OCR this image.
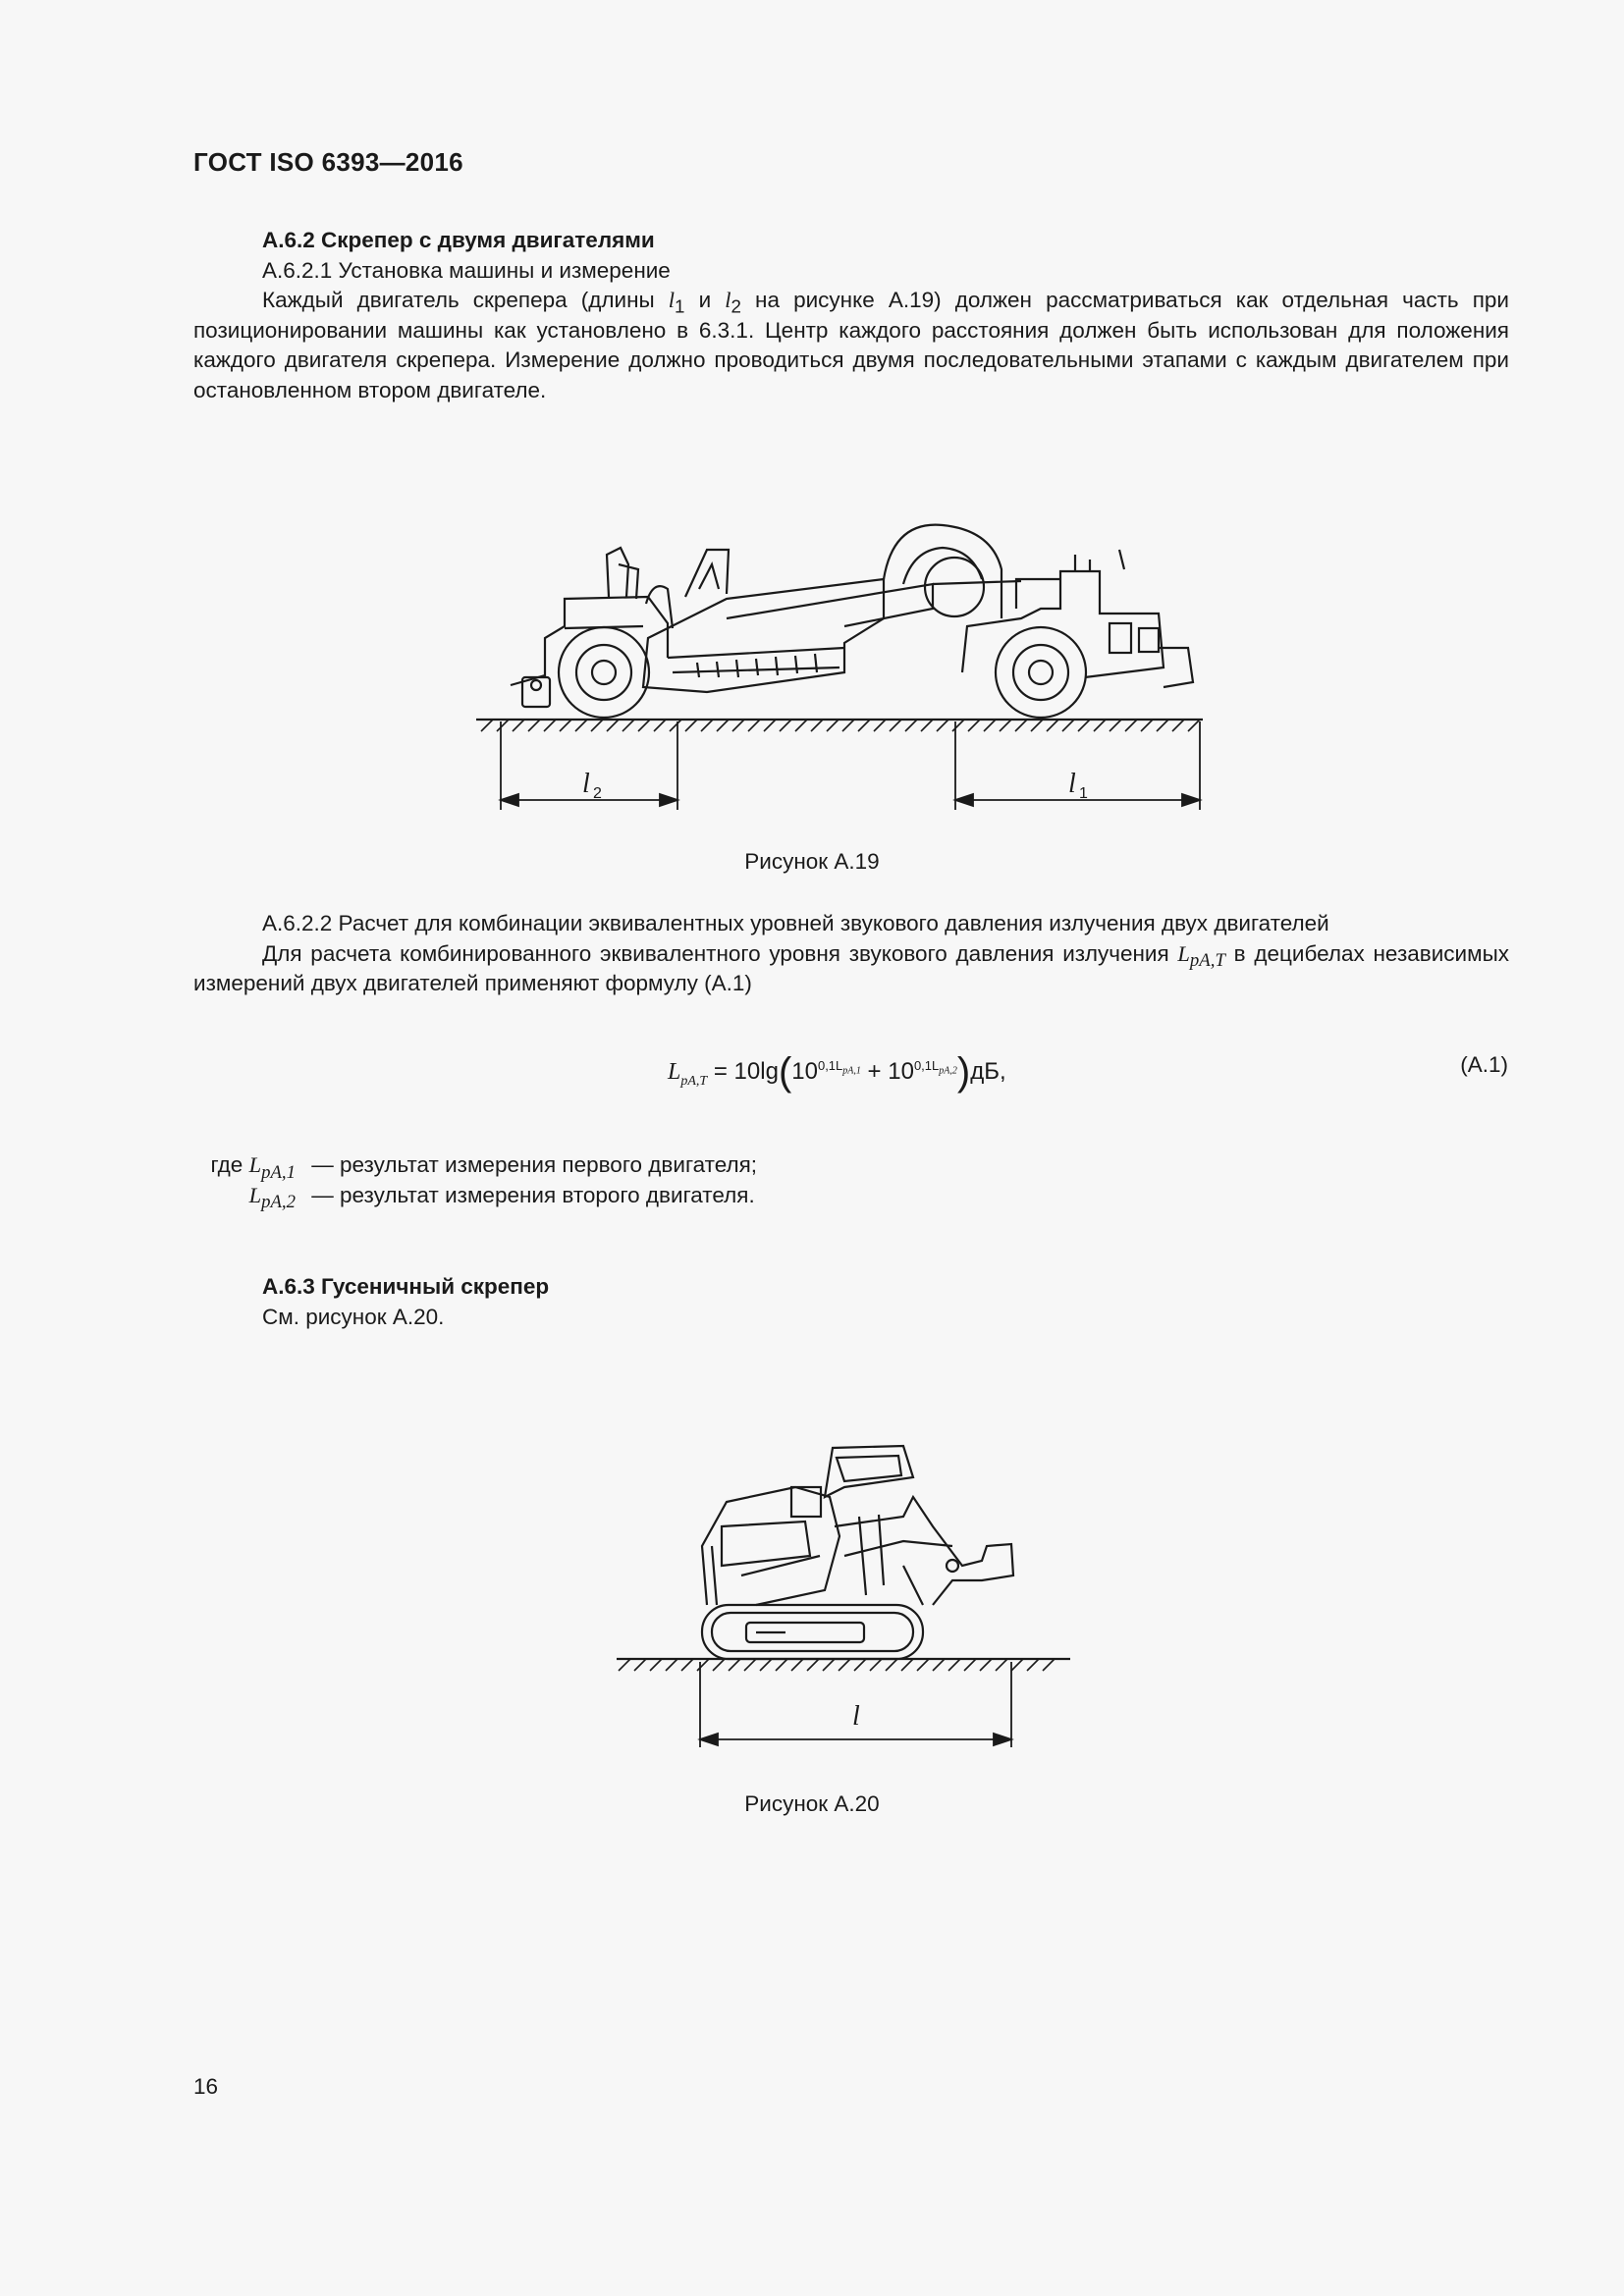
ГОСТ ISO 6393—2016

А.6.2 Скрепер с двумя двигателями

А.6.2.1 Установка машины и измерение

Каждый двигатель скрепера (длины $l_1$ и $l_2$ на рисунке А.19) должен рассматриваться как отдельная часть при позиционировании машины как установлено в 6.3.1. Центр каждого расстояния должен быть использован для положения каждого двигателя скрепера. Измерение должно проводиться двумя последовательными этапами с каждым двигателем при остановленном втором двигателе.

l 2	l 1
Рисунок А.19

А.6.2.2 Расчет для комбинации эквивалентных уровней звукового давления излучения двух двигателей

Для расчета комбинированного эквивалентного уровня звукового давления излучения $L_{pA,T}$ в децибелах независимых измерений двух двигателей применяют формулу (А.1)

$L_{pA,T} = 10\lg(10^{0,1L_{pA,1}} + 10^{0,1L_{pA,2}})дБ$,	(А.1)
где $L_{pA,1}$ — результат измерения первого двигателя;
$L_{pA,2}$ — результат измерения второго двигателя.

А.6.3 Гусеничный скрепер

См. рисунок А.20.

l
Рисунок А.20
16
